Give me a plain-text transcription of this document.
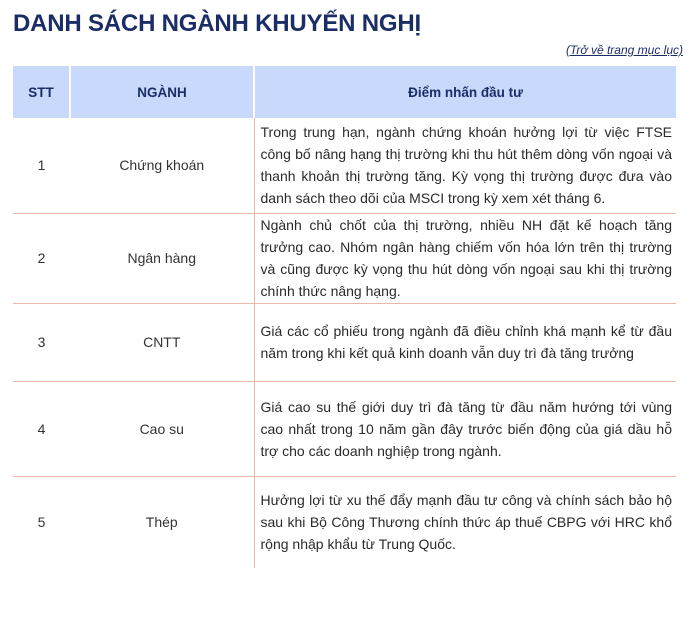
DANH SÁCH NGÀNH KHUYẾN NGHỊ
(Trở về trang mục lục)
STT	NGÀNH	Điểm nhấn đầu tư
1	Chứng khoán	Trong trung hạn, ngành chứng khoán hưởng lợi từ việc FTSE công bố nâng hạng thị trường khi thu hút thêm dòng vốn ngoại và thanh khoản thị trường tăng. Kỳ vọng thị trường được đưa vào danh sách theo dõi của MSCI trong kỳ xem xét tháng 6.
2	Ngân hàng	Ngành chủ chốt của thị trường, nhiều NH đặt kế hoạch tăng trưởng cao. Nhóm ngân hàng chiếm vốn hóa lớn trên thị trường và cũng được kỳ vọng thu hút dòng vốn ngoại sau khi thị trường chính thức nâng hạng.
3	CNTT	Giá các cổ phiếu trong ngành đã điều chỉnh khá mạnh kể từ đầu năm trong khi kết quả kinh doanh vẫn duy trì đà tăng trưởng
4	Cao su	Giá cao su thế giới duy trì đà tăng từ đầu năm hướng tới vùng cao nhất trong 10 năm gần đây trước biến động của giá dầu hỗ trợ cho các doanh nghiệp trong ngành.
5	Thép	Hưởng lợi từ xu thế đẩy mạnh đầu tư công và chính sách bảo hộ sau khi Bộ Công Thương chính thức áp thuế CBPG với HRC khổ rộng nhập khẩu từ Trung Quốc.
